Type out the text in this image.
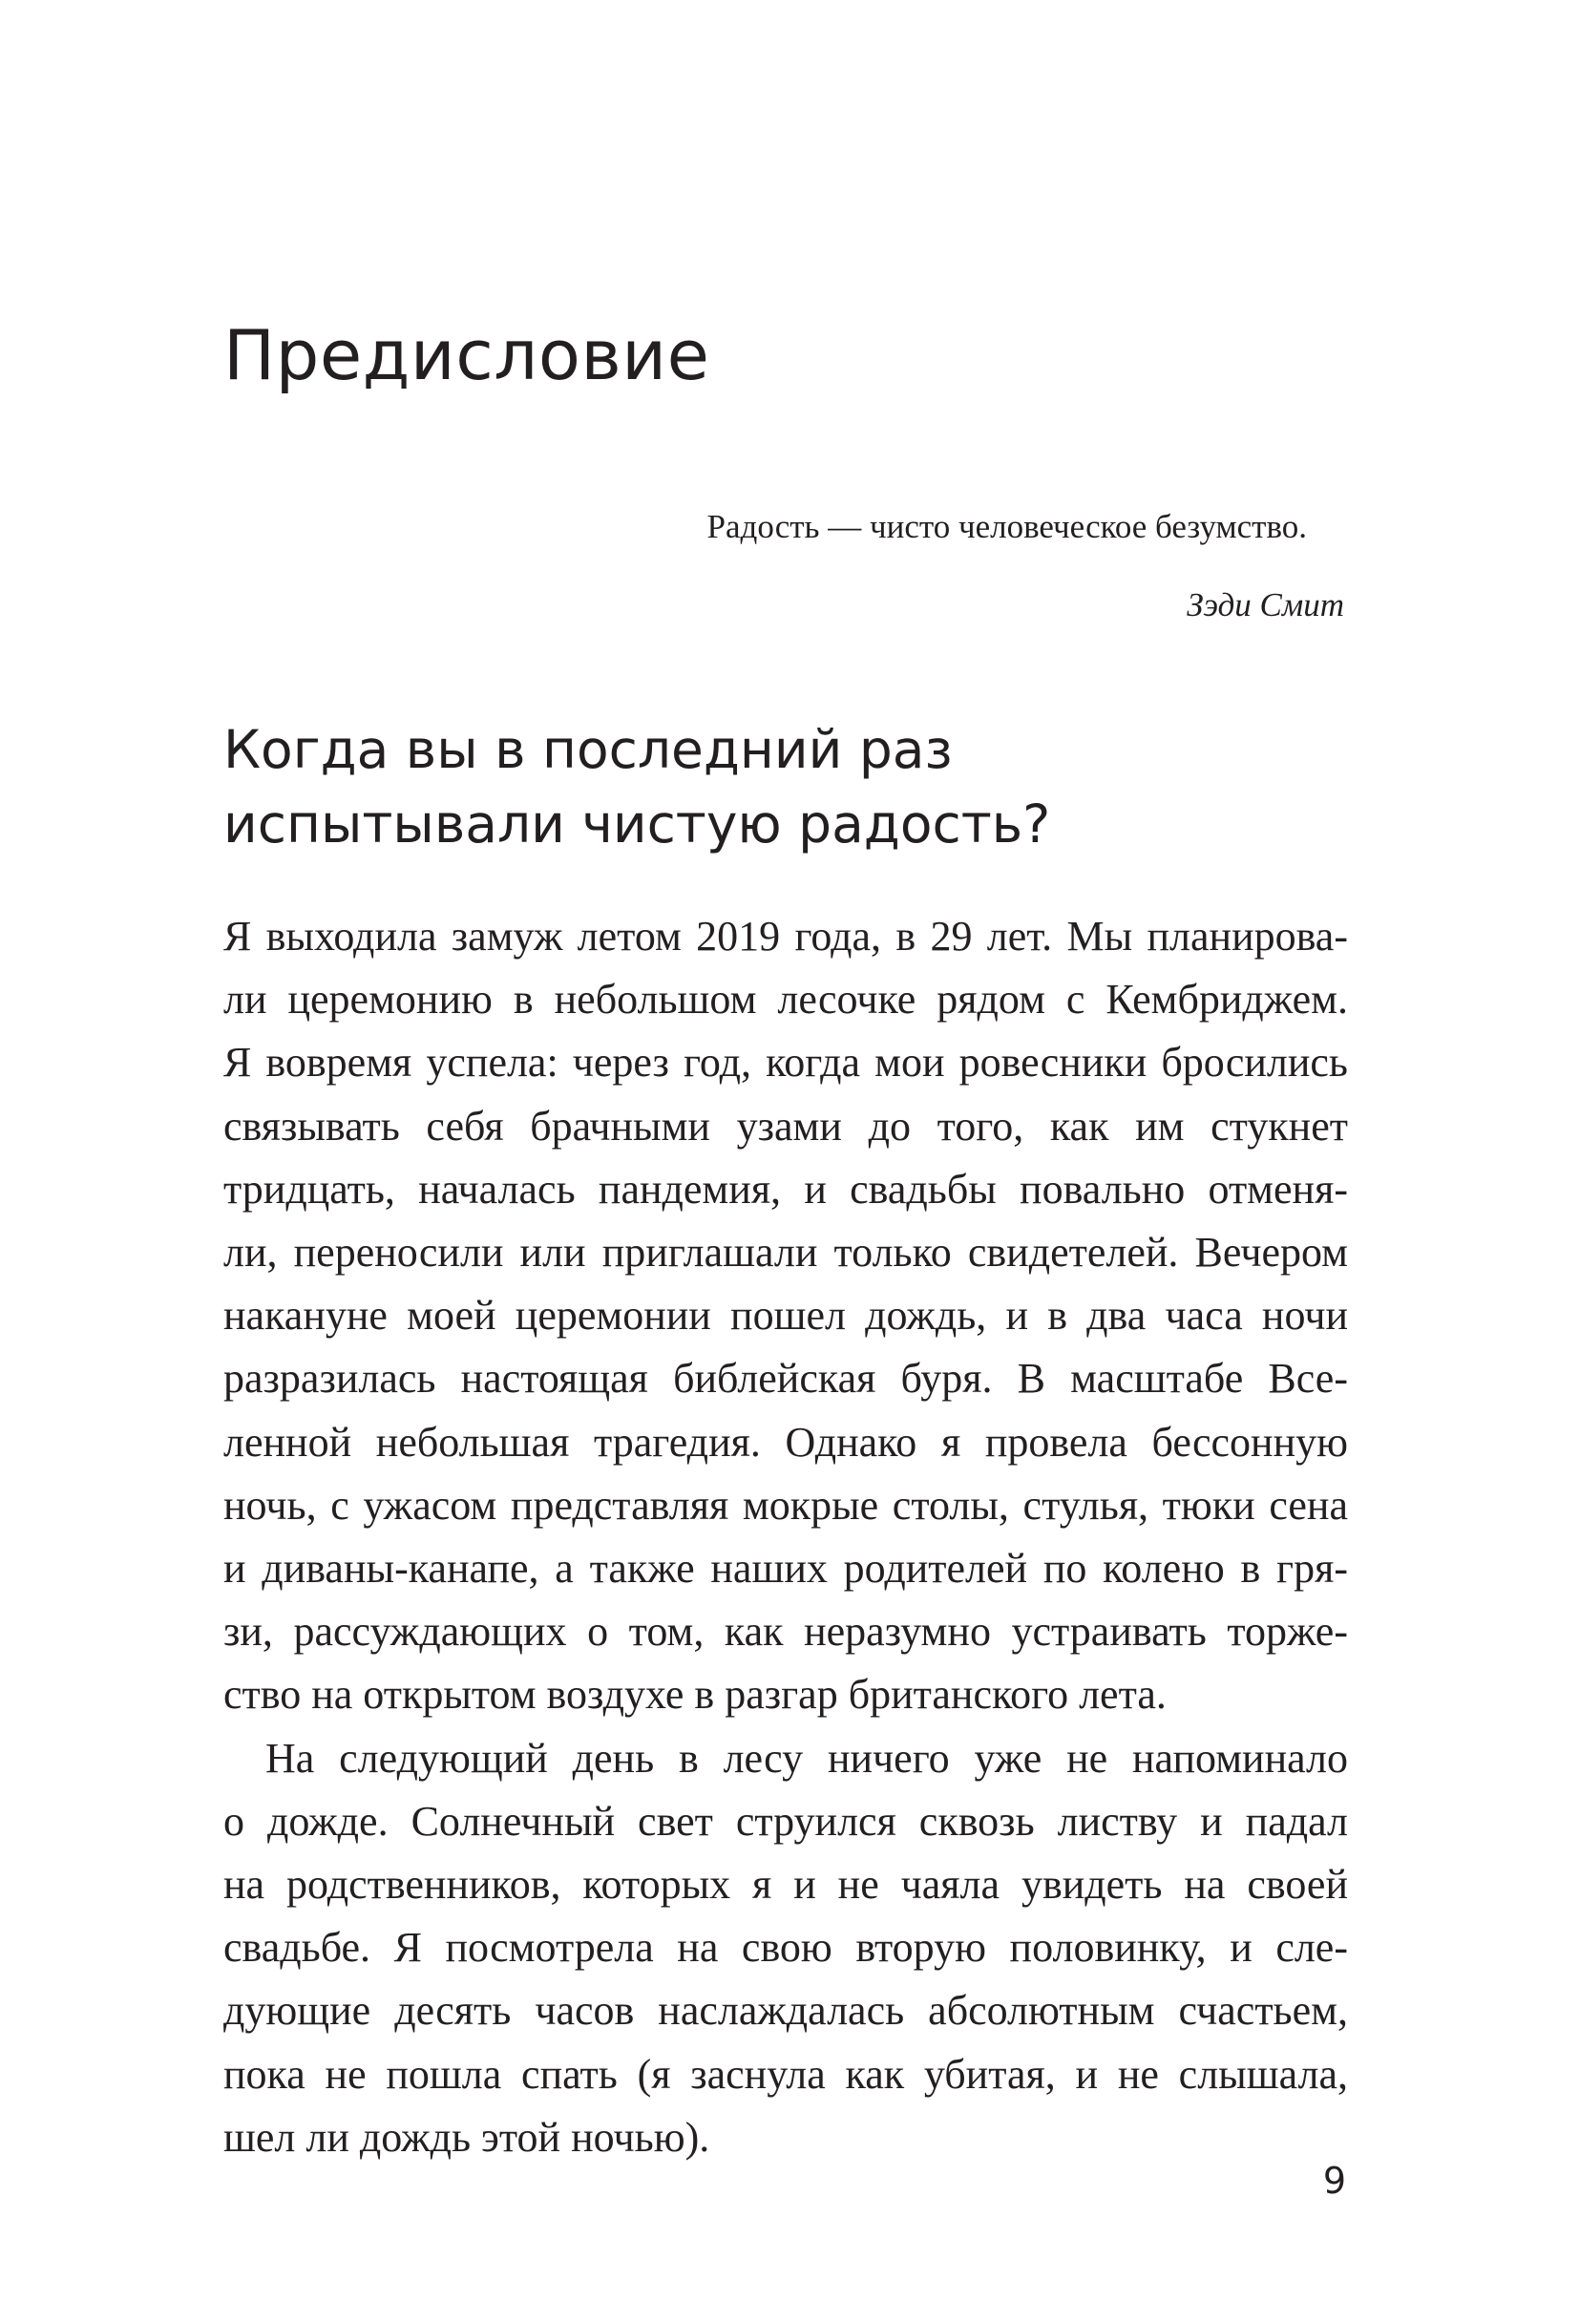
Предисловие
Радость — чисто человеческое безумство.
Зэди Смит
Когда вы в последний раз
испытывали чистую радость?

Я выходила замуж летом 2019 года, в 29 лет. Мы планирова-
ли церемонию в небольшом лесочке рядом с Кембриджем.
Я вовремя успела: через год, когда мои ровесники бросились
связывать себя брачными узами до того, как им стукнет
тридцать, началась пандемия, и свадьбы повально отменя-
ли, переносили или приглашали только свидетелей. Вечером
накануне моей церемонии пошел дождь, и в два часа ночи
разразилась настоящая библейская буря. В масштабе Все-
ленной небольшая трагедия. Однако я провела бессонную
ночь, с ужасом представляя мокрые столы, стулья, тюки сена
и диваны-канапе, а также наших родителей по колено в гря-
зи, рассуждающих о том, как неразумно устраивать торже-
ство на открытом воздухе в разгар британского лета.

На следующий день в лесу ничего уже не напоминало
о дожде. Солнечный свет струился сквозь листву и падал
на родственников, которых я и не чаяла увидеть на своей
свадьбе. Я посмотрела на свою вторую половинку, и сле-
дующие десять часов наслаждалась абсолютным счастьем,
пока не пошла спать (я заснула как убитая, и не слышала,
шел ли дождь этой ночью).

9
